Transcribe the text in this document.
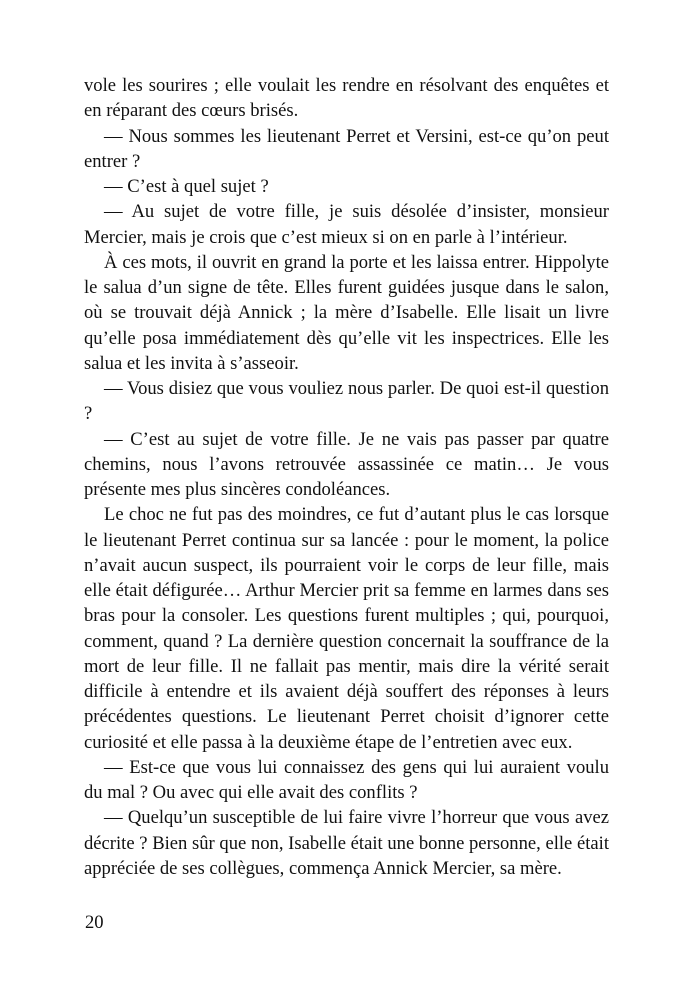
vole les sourires ; elle voulait les rendre en résolvant des enquêtes et en réparant des cœurs brisés.

— Nous sommes les lieutenant Perret et Versini, est-ce qu’on peut entrer ?

— C’est à quel sujet ?

— Au sujet de votre fille, je suis désolée d’insister, monsieur Mercier, mais je crois que c’est mieux si on en parle à l’intérieur.

À ces mots, il ouvrit en grand la porte et les laissa entrer. Hippolyte le salua d’un signe de tête. Elles furent guidées jusque dans le salon, où se trouvait déjà Annick ; la mère d’Isabelle. Elle lisait un livre qu’elle posa immédiatement dès qu’elle vit les inspectrices. Elle les salua et les invita à s’asseoir.

— Vous disiez que vous vouliez nous parler. De quoi est-il question ?

— C’est au sujet de votre fille. Je ne vais pas passer par quatre chemins, nous l’avons retrouvée assassinée ce matin… Je vous présente mes plus sincères condoléances.

Le choc ne fut pas des moindres, ce fut d’autant plus le cas lorsque le lieutenant Perret continua sur sa lancée : pour le moment, la police n’avait aucun suspect, ils pourraient voir le corps de leur fille, mais elle était défigurée… Arthur Mercier prit sa femme en larmes dans ses bras pour la consoler. Les questions furent multiples ; qui, pourquoi, comment, quand ? La dernière question concernait la souffrance de la mort de leur fille. Il ne fallait pas mentir, mais dire la vérité serait difficile à entendre et ils avaient déjà souffert des réponses à leurs précédentes questions. Le lieutenant Perret choisit d’ignorer cette curiosité et elle passa à la deuxième étape de l’entretien avec eux.

— Est-ce que vous lui connaissez des gens qui lui auraient voulu du mal ? Ou avec qui elle avait des conflits ?

— Quelqu’un susceptible de lui faire vivre l’horreur que vous avez décrite ? Bien sûr que non, Isabelle était une bonne personne, elle était appréciée de ses collègues, commença Annick Mercier, sa mère.

20
